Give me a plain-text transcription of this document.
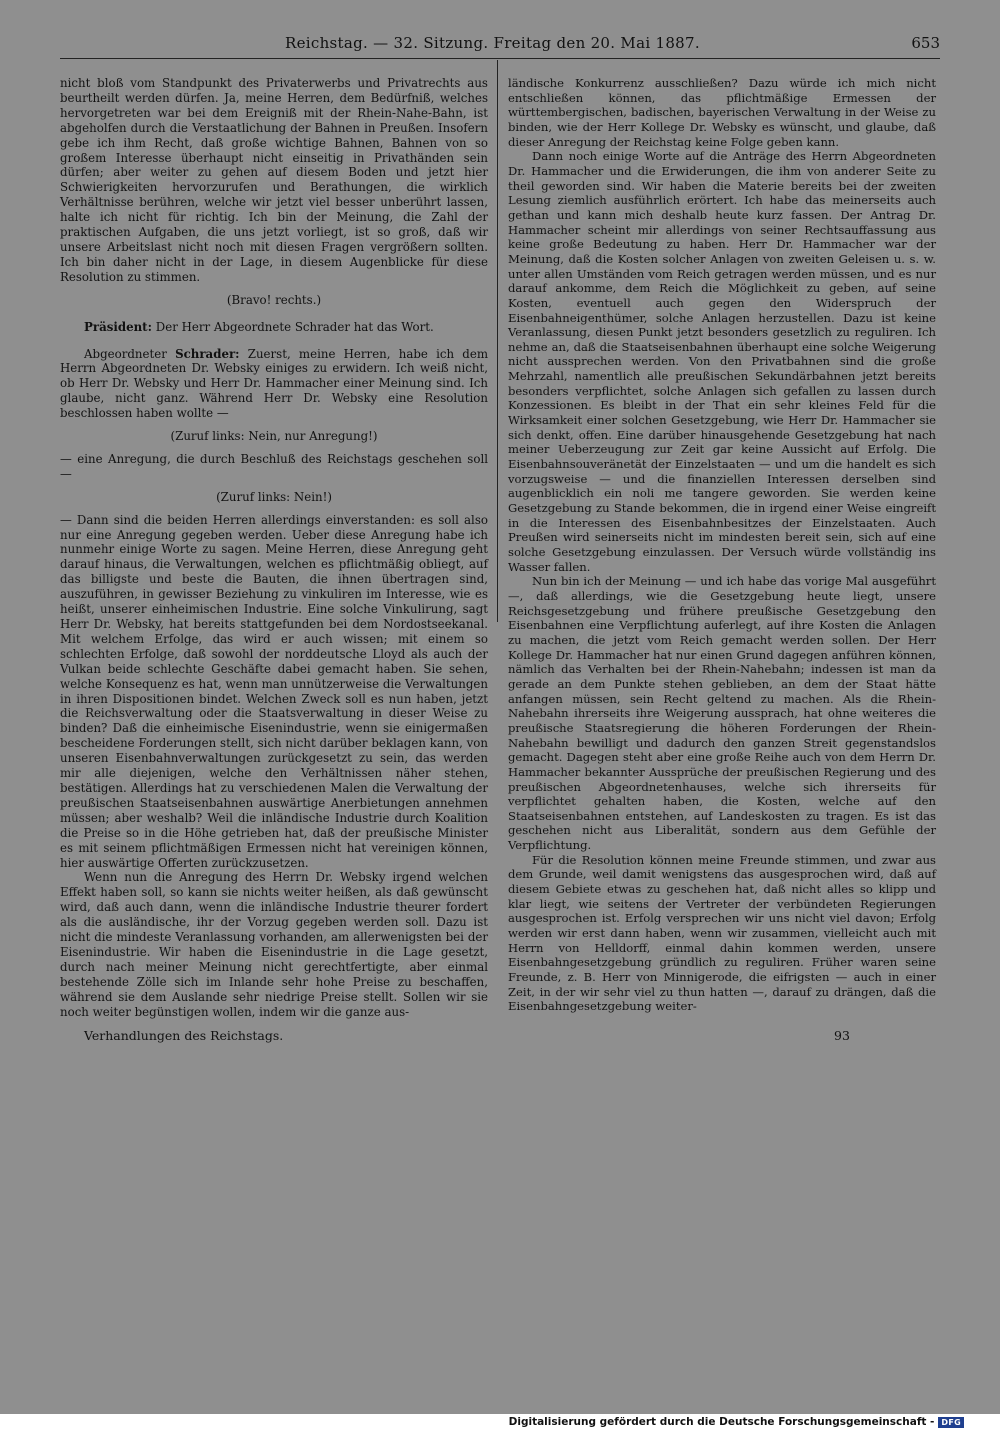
Reichstag. — 32. Sitzung. Freitag den 20. Mai 1887.	653

nicht bloß vom Standpunkt des Privaterwerbs und Privatrechts aus beurtheilt werden dürfen. Ja, meine Herren, dem Bedürfniß, welches hervorgetreten war bei dem Ereigniß mit der Rhein-Nahe-Bahn, ist abgeholfen durch die Verstaatlichung der Bahnen in Preußen. Insofern gebe ich ihm Recht, daß große wichtige Bahnen, Bahnen von so großem Interesse überhaupt nicht einseitig in Privathänden sein dürfen; aber weiter zu gehen auf diesem Boden und jetzt hier Schwierigkeiten hervorzurufen und Berathungen, die wirklich Verhältnisse berühren, welche wir jetzt viel besser unberührt lassen, halte ich nicht für richtig. Ich bin der Meinung, die Zahl der praktischen Aufgaben, die uns jetzt vorliegt, ist so groß, daß wir unsere Arbeitslast nicht noch mit diesen Fragen vergrößern sollten. Ich bin daher nicht in der Lage, in diesem Augenblicke für diese Resolution zu stimmen.

(Bravo! rechts.)

Präsident: Der Herr Abgeordnete Schrader hat das Wort.

Abgeordneter Schrader: Zuerst, meine Herren, habe ich dem Herrn Abgeordneten Dr. Websky einiges zu erwidern. Ich weiß nicht, ob Herr Dr. Websky und Herr Dr. Hammacher einer Meinung sind. Ich glaube, nicht ganz. Während Herr Dr. Websky eine Resolution beschlossen haben wollte —

(Zuruf links: Nein, nur Anregung!)

— eine Anregung, die durch Beschluß des Reichstags geschehen soll —

(Zuruf links: Nein!)

— Dann sind die beiden Herren allerdings einverstanden: es soll also nur eine Anregung gegeben werden. Ueber diese Anregung habe ich nunmehr einige Worte zu sagen. Meine Herren, diese Anregung geht darauf hinaus, die Verwaltungen, welchen es pflichtmäßig obliegt, auf das billigste und beste die Bauten, die ihnen übertragen sind, auszuführen, in gewisser Beziehung zu vinkuliren im Interesse, wie es heißt, unserer einheimischen Industrie. Eine solche Vinkulirung, sagt Herr Dr. Websky, hat bereits stattgefunden bei dem Nordostseekanal. Mit welchem Erfolge, das wird er auch wissen; mit einem so schlechten Erfolge, daß sowohl der norddeutsche Lloyd als auch der Vulkan beide schlechte Geschäfte dabei gemacht haben. Sie sehen, welche Konsequenz es hat, wenn man unnützerweise die Verwaltungen in ihren Dispositionen bindet. Welchen Zweck soll es nun haben, jetzt die Reichsverwaltung oder die Staatsverwaltung in dieser Weise zu binden? Daß die einheimische Eisenindustrie, wenn sie einigermaßen bescheidene Forderungen stellt, sich nicht darüber beklagen kann, von unseren Eisenbahnverwaltungen zurückgesetzt zu sein, das werden mir alle diejenigen, welche den Verhältnissen näher stehen, bestätigen. Allerdings hat zu verschiedenen Malen die Verwaltung der preußischen Staatseisenbahnen auswärtige Anerbietungen annehmen müssen; aber weshalb? Weil die inländische Industrie durch Koalition die Preise so in die Höhe getrieben hat, daß der preußische Minister es mit seinem pflichtmäßigen Ermessen nicht hat vereinigen können, hier auswärtige Offerten zurückzusetzen.

Wenn nun die Anregung des Herrn Dr. Websky irgend welchen Effekt haben soll, so kann sie nichts weiter heißen, als daß gewünscht wird, daß auch dann, wenn die inländische Industrie theurer fordert als die ausländische, ihr der Vorzug gegeben werden soll. Dazu ist nicht die mindeste Veranlassung vorhanden, am allerwenigsten bei der Eisenindustrie. Wir haben die Eisenindustrie in die Lage gesetzt, durch nach meiner Meinung nicht gerechtfertigte, aber einmal bestehende Zölle sich im Inlande sehr hohe Preise zu beschaffen, während sie dem Auslande sehr niedrige Preise stellt. Sollen wir sie noch weiter begünstigen wollen, indem wir die ganze aus-

ländische Konkurrenz ausschließen? Dazu würde ich mich nicht entschließen können, das pflichtmäßige Ermessen der württembergischen, badischen, bayerischen Verwaltung in der Weise zu binden, wie der Herr Kollege Dr. Websky es wünscht, und glaube, daß dieser Anregung der Reichstag keine Folge geben kann.

Dann noch einige Worte auf die Anträge des Herrn Abgeordneten Dr. Hammacher und die Erwiderungen, die ihm von anderer Seite zu theil geworden sind. Wir haben die Materie bereits bei der zweiten Lesung ziemlich ausführlich erörtert. Ich habe das meinerseits auch gethan und kann mich deshalb heute kurz fassen. Der Antrag Dr. Hammacher scheint mir allerdings von seiner Rechtsauffassung aus keine große Bedeutung zu haben. Herr Dr. Hammacher war der Meinung, daß die Kosten solcher Anlagen von zweiten Geleisen u. s. w. unter allen Umständen vom Reich getragen werden müssen, und es nur darauf ankomme, dem Reich die Möglichkeit zu geben, auf seine Kosten, eventuell auch gegen den Widerspruch der Eisenbahneigenthümer, solche Anlagen herzustellen. Dazu ist keine Veranlassung, diesen Punkt jetzt besonders gesetzlich zu reguliren. Ich nehme an, daß die Staatseisenbahnen überhaupt eine solche Weigerung nicht aussprechen werden. Von den Privatbahnen sind die große Mehrzahl, namentlich alle preußischen Sekundärbahnen jetzt bereits besonders verpflichtet, solche Anlagen sich gefallen zu lassen durch Konzessionen. Es bleibt in der That ein sehr kleines Feld für die Wirksamkeit einer solchen Gesetzgebung, wie Herr Dr. Hammacher sie sich denkt, offen. Eine darüber hinausgehende Gesetzgebung hat nach meiner Ueberzeugung zur Zeit gar keine Aussicht auf Erfolg. Die Eisenbahnsouveränetät der Einzelstaaten — und um die handelt es sich vorzugsweise — und die finanziellen Interessen derselben sind augenblicklich ein noli me tangere geworden. Sie werden keine Gesetzgebung zu Stande bekommen, die in irgend einer Weise eingreift in die Interessen des Eisenbahnbesitzes der Einzelstaaten. Auch Preußen wird seinerseits nicht im mindesten bereit sein, sich auf eine solche Gesetzgebung einzulassen. Der Versuch würde vollständig ins Wasser fallen.

Nun bin ich der Meinung — und ich habe das vorige Mal ausgeführt —, daß allerdings, wie die Gesetzgebung heute liegt, unsere Reichsgesetzgebung und frühere preußische Gesetzgebung den Eisenbahnen eine Verpflichtung auferlegt, auf ihre Kosten die Anlagen zu machen, die jetzt vom Reich gemacht werden sollen. Der Herr Kollege Dr. Hammacher hat nur einen Grund dagegen anführen können, nämlich das Verhalten bei der Rhein-Nahebahn; indessen ist man da gerade an dem Punkte stehen geblieben, an dem der Staat hätte anfangen müssen, sein Recht geltend zu machen. Als die Rhein-Nahebahn ihrerseits ihre Weigerung aussprach, hat ohne weiteres die preußische Staatsregierung die höheren Forderungen der Rhein-Nahebahn bewilligt und dadurch den ganzen Streit gegenstandslos gemacht. Dagegen steht aber eine große Reihe auch von dem Herrn Dr. Hammacher bekannter Aussprüche der preußischen Regierung und des preußischen Abgeordnetenhauses, welche sich ihrerseits für verpflichtet gehalten haben, die Kosten, welche auf den Staatseisenbahnen entstehen, auf Landeskosten zu tragen. Es ist das geschehen nicht aus Liberalität, sondern aus dem Gefühle der Verpflichtung.

Für die Resolution können meine Freunde stimmen, und zwar aus dem Grunde, weil damit wenigstens das ausgesprochen wird, daß auf diesem Gebiete etwas zu geschehen hat, daß nicht alles so klipp und klar liegt, wie seitens der Vertreter der verbündeten Regierungen ausgesprochen ist. Erfolg versprechen wir uns nicht viel davon; Erfolg werden wir erst dann haben, wenn wir zusammen, vielleicht auch mit Herrn von Helldorff, einmal dahin kommen werden, unsere Eisenbahngesetzgebung gründlich zu reguliren. Früher waren seine Freunde, z. B. Herr von Minnigerode, die eifrigsten — auch in einer Zeit, in der wir sehr viel zu thun hatten —, darauf zu drängen, daß die Eisenbahngesetzgebung weiter-

Verhandlungen des Reichstags.	93
Digitalisierung gefördert durch die Deutsche Forschungsgemeinschaft - DFG
